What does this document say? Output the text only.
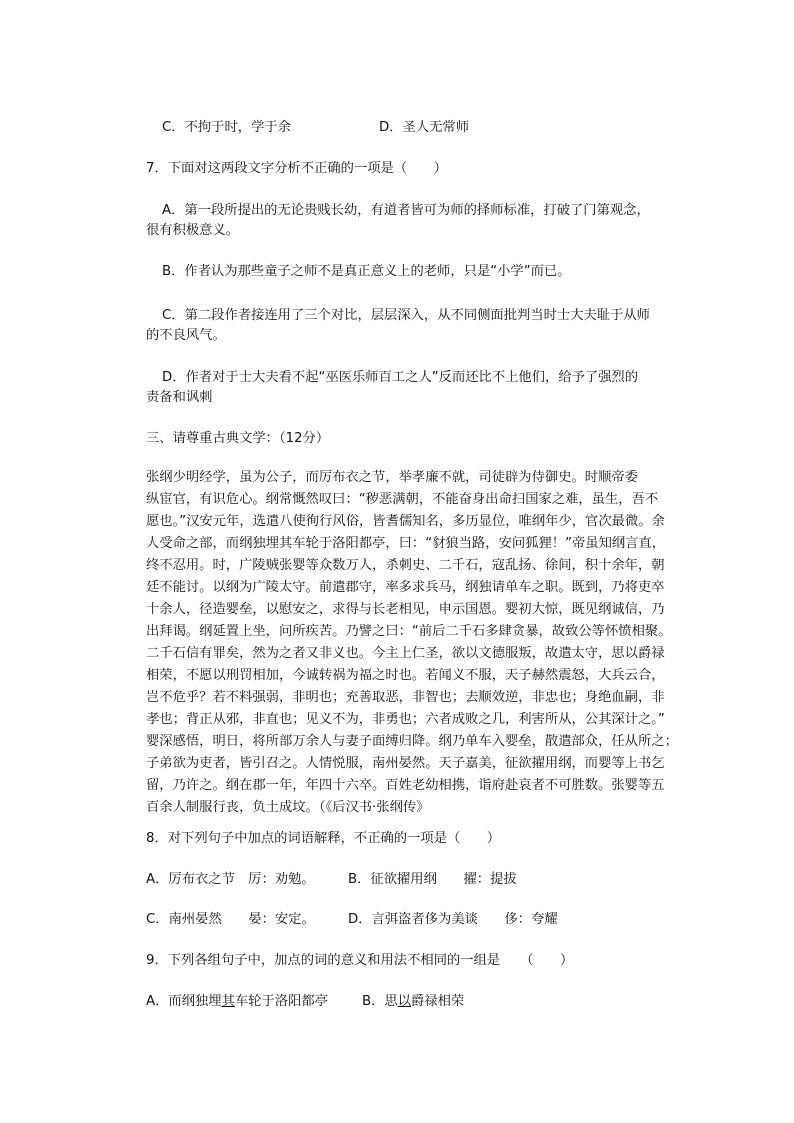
C．不拘于时，学于余	D．圣人无常师
7．下面对这两段文字分析不正确的一项是（　　）
A．第一段所提出的无论贵贱长幼，有道者皆可为师的择师标准，打破了门第观念，
很有积极意义。
B．作者认为那些童子之师不是真正意义上的老师，只是“小学”而已。
C．第二段作者接连用了三个对比，层层深入，从不同侧面批判当时士大夫耻于从师
的不良风气。
D．作者对于士大夫看不起“巫医乐师百工之人”反而还比不上他们，给予了强烈的
责备和讽刺
三、请尊重古典文学：（12分）
张纲少明经学，虽为公子，而厉布衣之节，举孝廉不就，司徒辟为侍御史。时顺帝委
纵宦官，有识危心。纲常慨然叹曰：“秽恶满朝，不能奋身出命扫国家之难，虽生，吾不
愿也。”汉安元年，选遣八使徇行风俗，皆耆儒知名，多历显位，唯纲年少，官次最微。余
人受命之部，而纲独埋其车轮于洛阳都亭，曰：“豺狼当路，安问狐狸！”帝虽知纲言直，
终不忍用。时，广陵贼张婴等众数万人，杀刺史、二千石，寇乱扬、徐间，积十余年，朝
廷不能讨。以纲为广陵太守。前遣郡守，率多求兵马，纲独请单车之职。既到，乃将吏卒
十余人，径造婴垒，以慰安之，求得与长老相见，申示国恩。婴初大惊，既见纲诚信，乃
出拜谒。纲延置上坐，问所疾苦。乃譬之曰：“前后二千石多肆贪暴，故致公等怀愤相聚。
二千石信有罪矣，然为之者又非义也。今主上仁圣，欲以文德服叛，故遣太守，思以爵禄
相荣，不愿以刑罚相加，今诚转祸为福之时也。若闻义不服，天子赫然震怒，大兵云合，
岂不危乎？若不料强弱，非明也；充善取恶，非智也；去顺效逆，非忠也；身绝血嗣，非
孝也；背正从邪，非直也；见义不为，非勇也；六者成败之几，利害所从，公其深计之。”
婴深感悟，明日，将所部万余人与妻子面缚归降。纲乃单车入婴垒，散遣部众，任从所之；
子弟欲为吏者，皆引召之。人情悦服，南州晏然。天子嘉美，征欲擢用纲，而婴等上书乞
留，乃许之。纲在郡一年，年四十六卒。百姓老幼相携，诣府赴哀者不可胜数。张婴等五
百余人制服行丧，负土成坟。（《后汉书·张纲传》
8．对下列句子中加点的词语解释，不正确的一项是（　　）
A．厉布衣之节　厉：劝勉。	B．征欲擢用纲　　擢：提拔
C．南州晏然　　晏：安定。 D．言弭盗者侈为美谈　　侈：夸耀
9．下列各组句子中，加点的词的意义和用法不相同的一组是　　（　　）
A．而纲独埋其车轮于洛阳都亭	B．思以爵禄相荣
